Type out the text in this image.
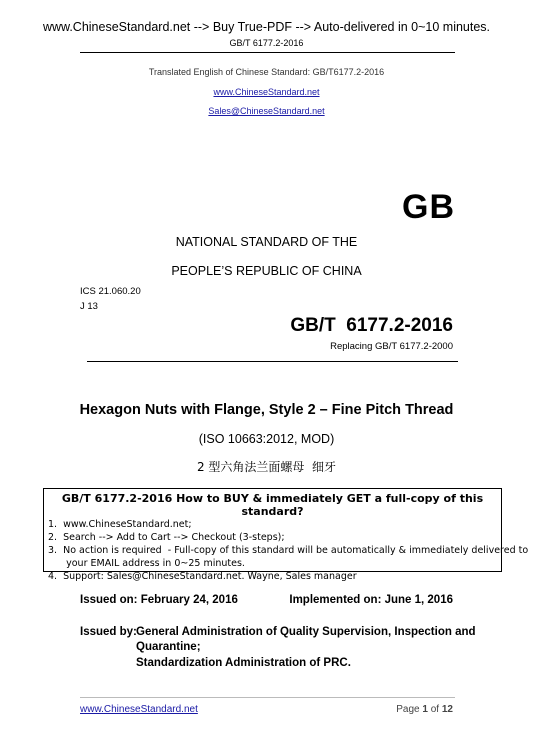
www.ChineseStandard.net --> Buy True-PDF --> Auto-delivered in 0~10 minutes.
GB/T 6177.2-2016
Translated English of Chinese Standard: GB/T6177.2-2016
www.ChineseStandard.net
Sales@ChineseStandard.net
GB
NATIONAL STANDARD OF THE
PEOPLE’S REPUBLIC OF CHINA
ICS 21.060.20
J 13
GB/T  6177.2-2016
Replacing GB/T 6177.2-2000
Hexagon Nuts with Flange, Style 2 – Fine Pitch Thread
(ISO 10663:2012, MOD)
2 型六角法兰面螺母  细牙
GB/T 6177.2-2016 How to BUY & immediately GET a full-copy of this standard?
1.  www.ChineseStandard.net;
2.  Search --> Add to Cart --> Checkout (3-steps);
3.  No action is required  - Full-copy of this standard will be automatically & immediately delivered to
your EMAIL address in 0~25 minutes.
4.  Support: Sales@ChineseStandard.net. Wayne, Sales manager
Issued on: February 24, 2016	Implemented on: June 1, 2016
Issued by: General Administration of Quality Supervision, Inspection and
Quarantine;
Standardization Administration of PRC.
www.ChineseStandard.net	Page 1 of 12
